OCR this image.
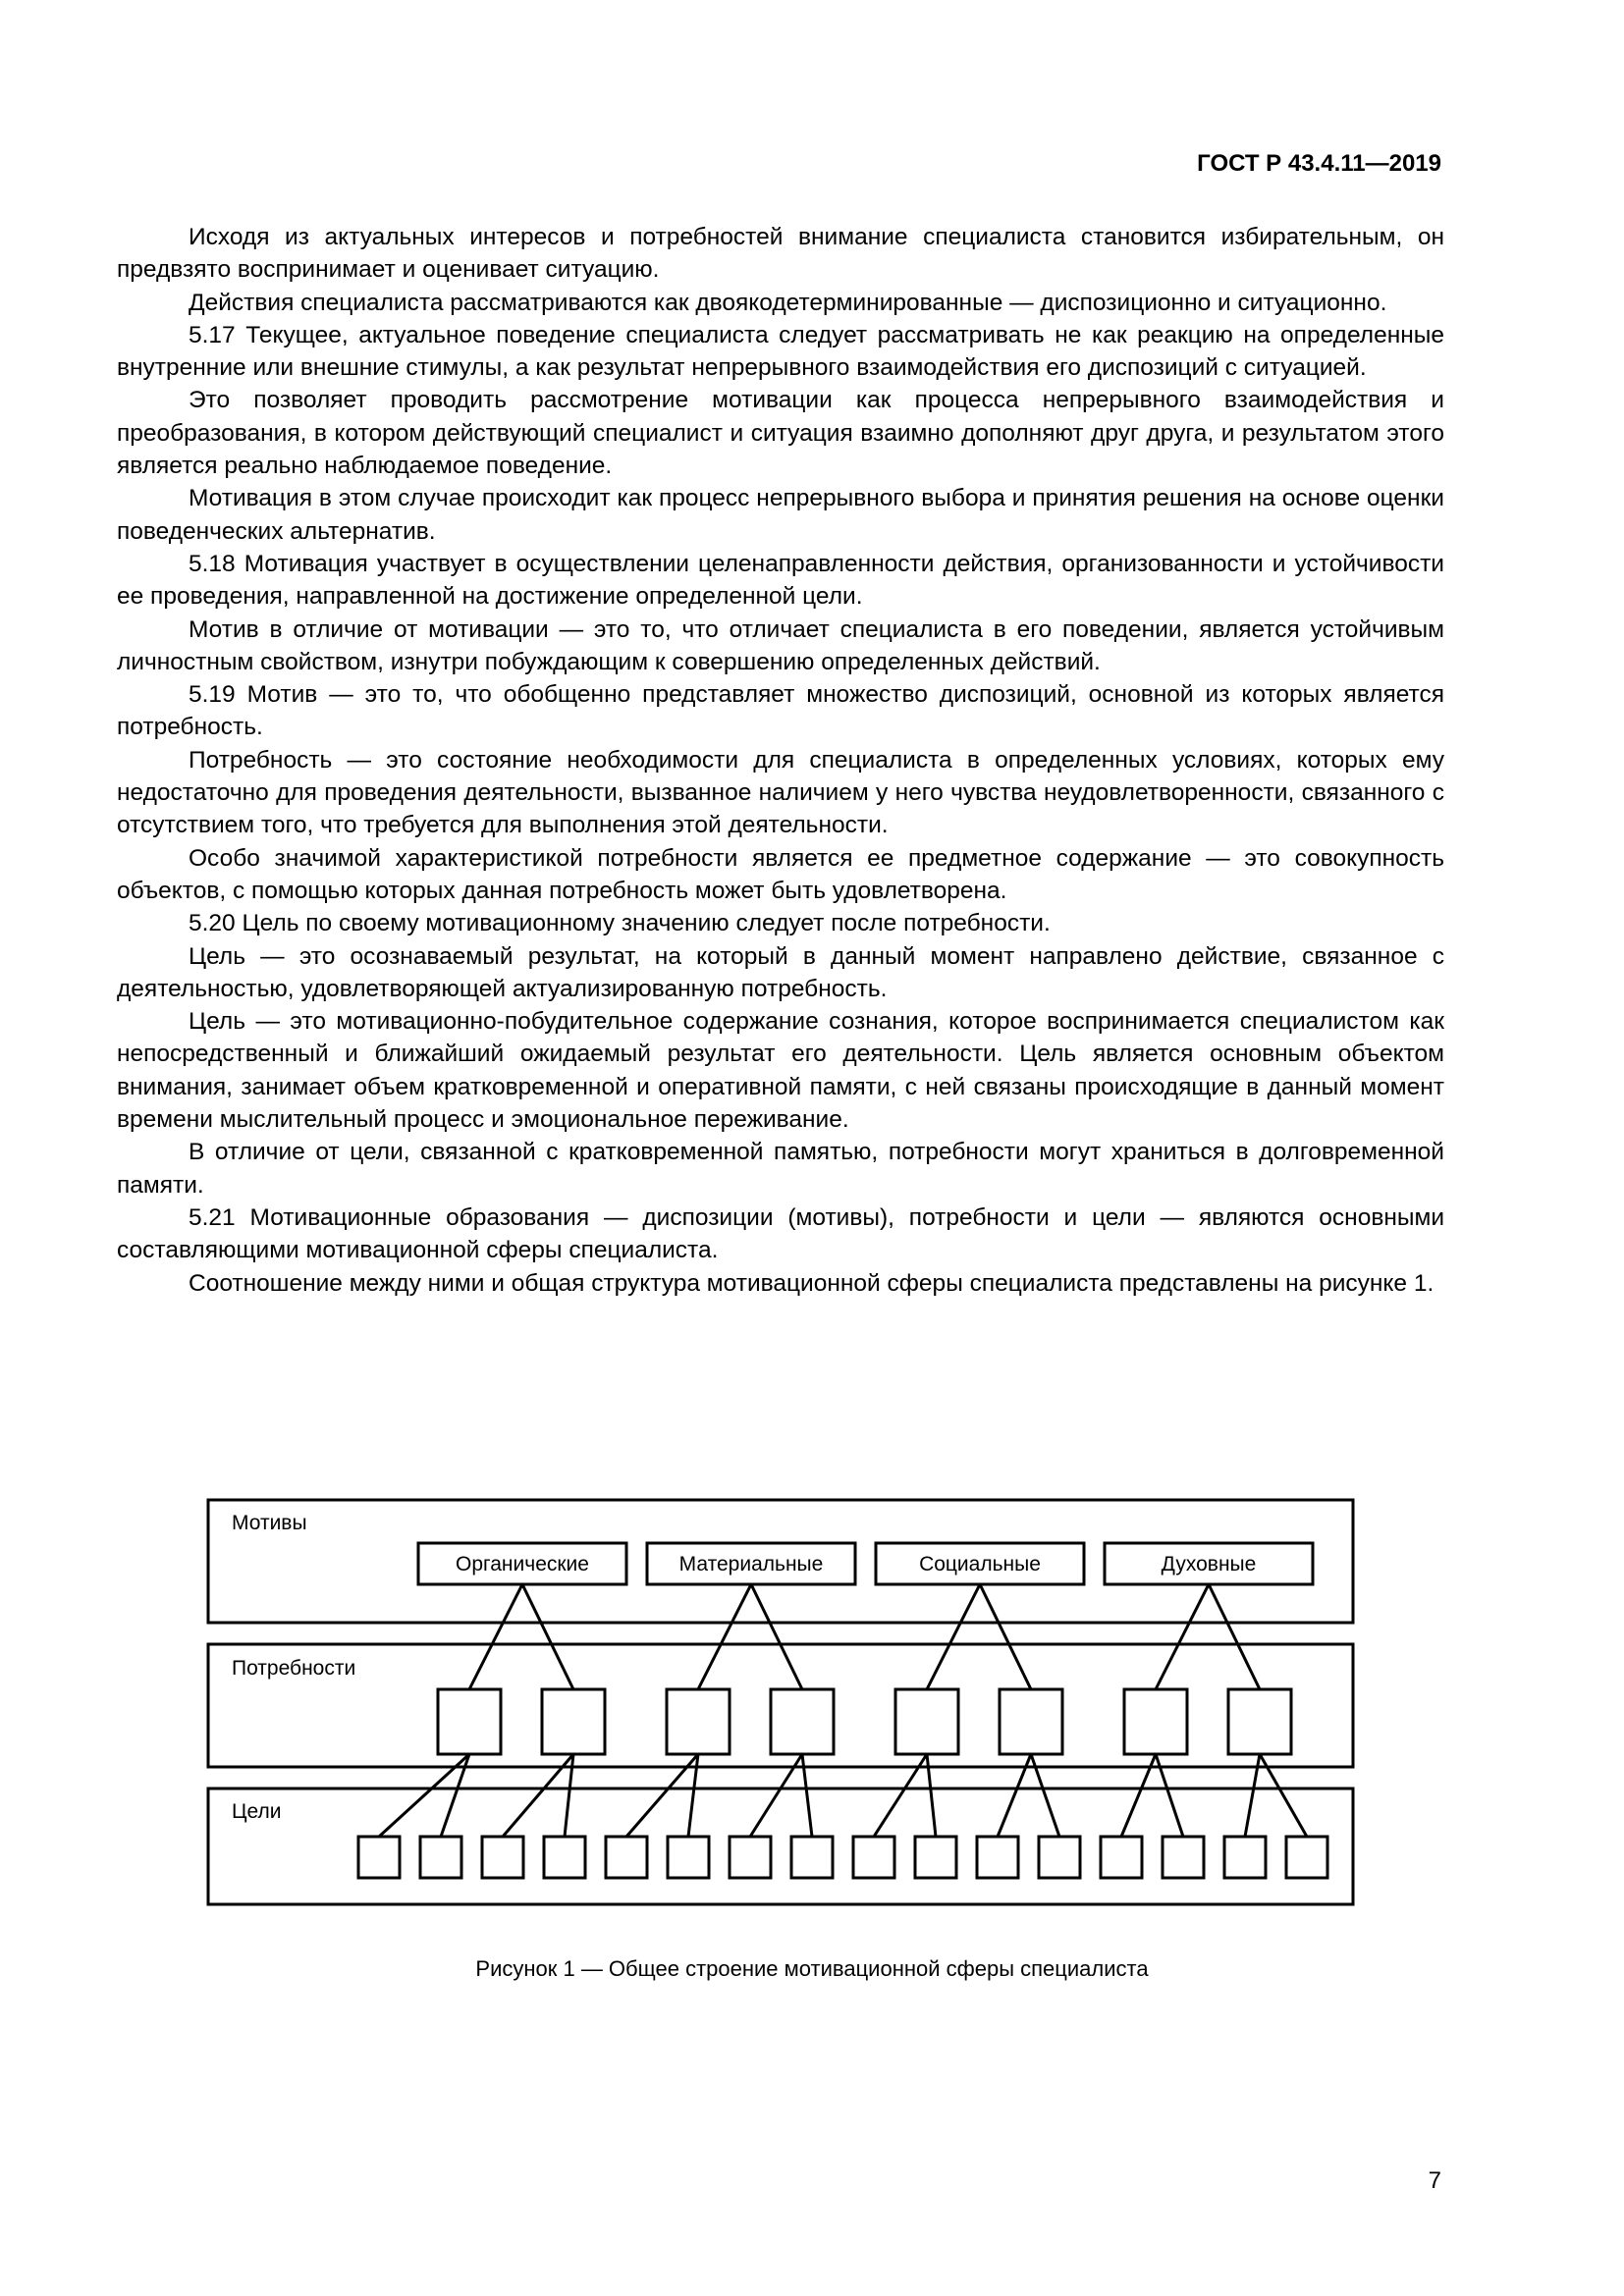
ГОСТ Р 43.4.11—2019

Исходя из актуальных интересов и потребностей внимание специалиста становится избирательным, он предвзято воспринимает и оценивает ситуацию.

Действия специалиста рассматриваются как двоякодетерминированные — диспозиционно и ситуационно.

5.17 Текущее, актуальное поведение специалиста следует рассматривать не как реакцию на определенные внутренние или внешние стимулы, а как результат непрерывного взаимодействия его диспозиций с ситуацией.

Это позволяет проводить рассмотрение мотивации как процесса непрерывного взаимодействия и преобразования, в котором действующий специалист и ситуация взаимно дополняют друг друга, и результатом этого является реально наблюдаемое поведение.

Мотивация в этом случае происходит как процесс непрерывного выбора и принятия решения на основе оценки поведенческих альтернатив.

5.18 Мотивация участвует в осуществлении целенаправленности действия, организованности и устойчивости ее проведения, направленной на достижение определенной цели.

Мотив в отличие от мотивации — это то, что отличает специалиста в его поведении, является устойчивым личностным свойством, изнутри побуждающим к совершению определенных действий.

5.19 Мотив — это то, что обобщенно представляет множество диспозиций, основной из которых является потребность.

Потребность — это состояние необходимости для специалиста в определенных условиях, которых ему недостаточно для проведения деятельности, вызванное наличием у него чувства неудовлетворенности, связанного с отсутствием того, что требуется для выполнения этой деятельности.

Особо значимой характеристикой потребности является ее предметное содержание — это совокупность объектов, с помощью которых данная потребность может быть удовлетворена.

5.20 Цель по своему мотивационному значению следует после потребности.

Цель — это осознаваемый результат, на который в данный момент направлено действие, связанное с деятельностью, удовлетворяющей актуализированную потребность.

Цель — это мотивационно-побудительное содержание сознания, которое воспринимается специалистом как непосредственный и ближайший ожидаемый результат его деятельности. Цель является основным объектом внимания, занимает объем кратковременной и оперативной памяти, с ней связаны происходящие в данный момент времени мыслительный процесс и эмоциональное переживание.

В отличие от цели, связанной с кратковременной памятью, потребности могут храниться в долговременной памяти.

5.21 Мотивационные образования — диспозиции (мотивы), потребности и цели — являются основными составляющими мотивационной сферы специалиста.

Соотношение между ними и общая структура мотивационной сферы специалиста представлены на рисунке 1.

Мотивы
Потребности
Цели
Органические	Материальные	Социальные	Духовные
Рисунок 1 — Общее строение мотивационной сферы специалиста
7
